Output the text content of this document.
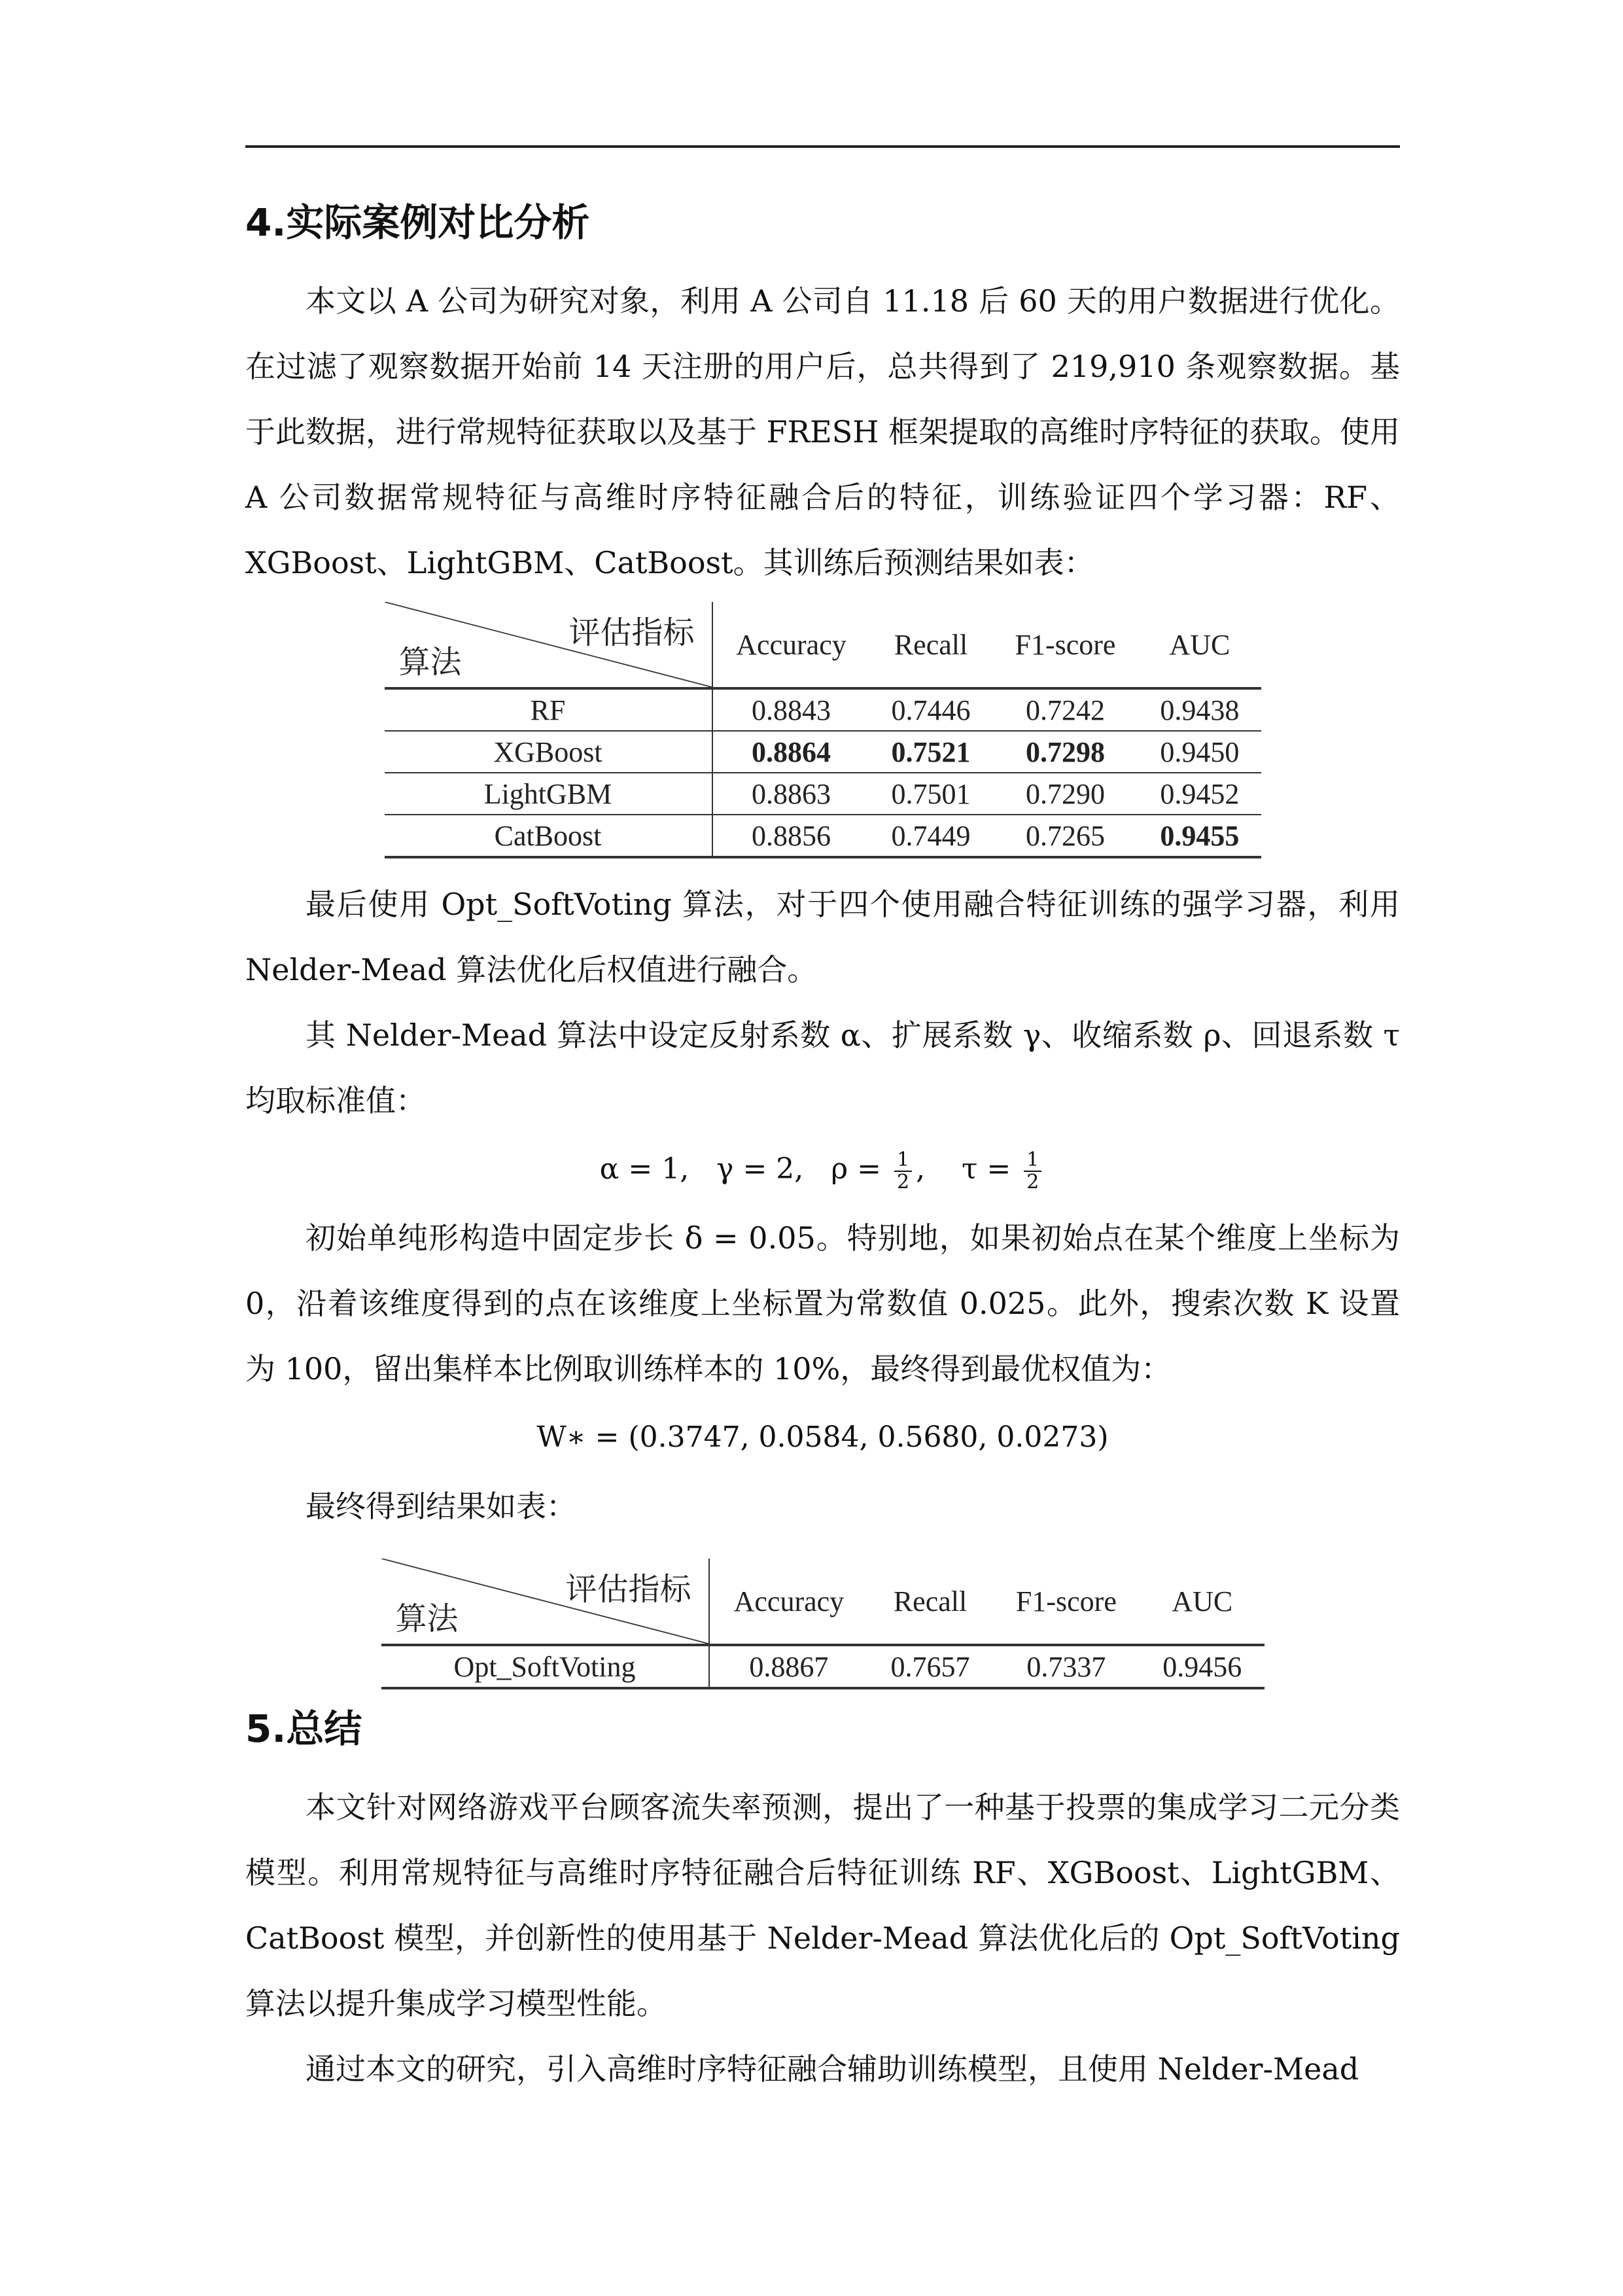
4.实际案例对比分析

本文以 A 公司为研究对象，利用 A 公司自 11.18 后 60 天的用户数据进行优化。在过滤了观察数据开始前 14 天注册的用户后，总共得到了 219,910 条观察数据。基于此数据，进行常规特征获取以及基于 FRESH 框架提取的高维时序特征的获取。使用 A 公司数据常规特征与高维时序特征融合后的特征，训练验证四个学习器：RF、XGBoost、LightGBM、CatBoost。其训练后预测结果如表：

评估指标
算法	Accuracy	Recall	F1-score	AUC
RF	0.8843	0.7446	0.7242	0.9438
XGBoost	0.8864	0.7521	0.7298	0.9450
LightGBM	0.8863	0.7501	0.7290	0.9452
CatBoost	0.8856	0.7449	0.7265	0.9455

最后使用 Opt_SoftVoting 算法，对于四个使用融合特征训练的强学习器，利用 Nelder-Mead 算法优化后权值进行融合。

其 Nelder-Mead 算法中设定反射系数 α、扩展系数 γ、收缩系数 ρ、回退系数 τ 均取标准值：

α = 1, γ = 2, $\rho = \frac{1}{2}$ , $\tau = \frac{1}{2}$

初始单纯形构造中固定步长 δ = 0.05。特别地，如果初始点在某个维度上坐标为 0，沿着该维度得到的点在该维度上坐标置为常数值 0.025。此外，搜索次数 K 设置 为 100，留出集样本比例取训练样本的 10%，最终得到最优权值为：

W∗ = (0.3747, 0.0584, 0.5680, 0.0273)

最终得到结果如表：

评估指标
算法	Accuracy	Recall	F1-score	AUC
Opt_SoftVoting	0.8867	0.7657	0.7337	0.9456
5.总结

本文针对网络游戏平台顾客流失率预测，提出了一种基于投票的集成学习二元分类模型。利用常规特征与高维时序特征融合后特征训练 RF、XGBoost、LightGBM、CatBoost 模型，并创新性的使用基于 Nelder-Mead 算法优化后的 Opt_SoftVoting 算法以提升集成学习模型性能。

通过本文的研究，引入高维时序特征融合辅助训练模型，且使用 Nelder-Mead
